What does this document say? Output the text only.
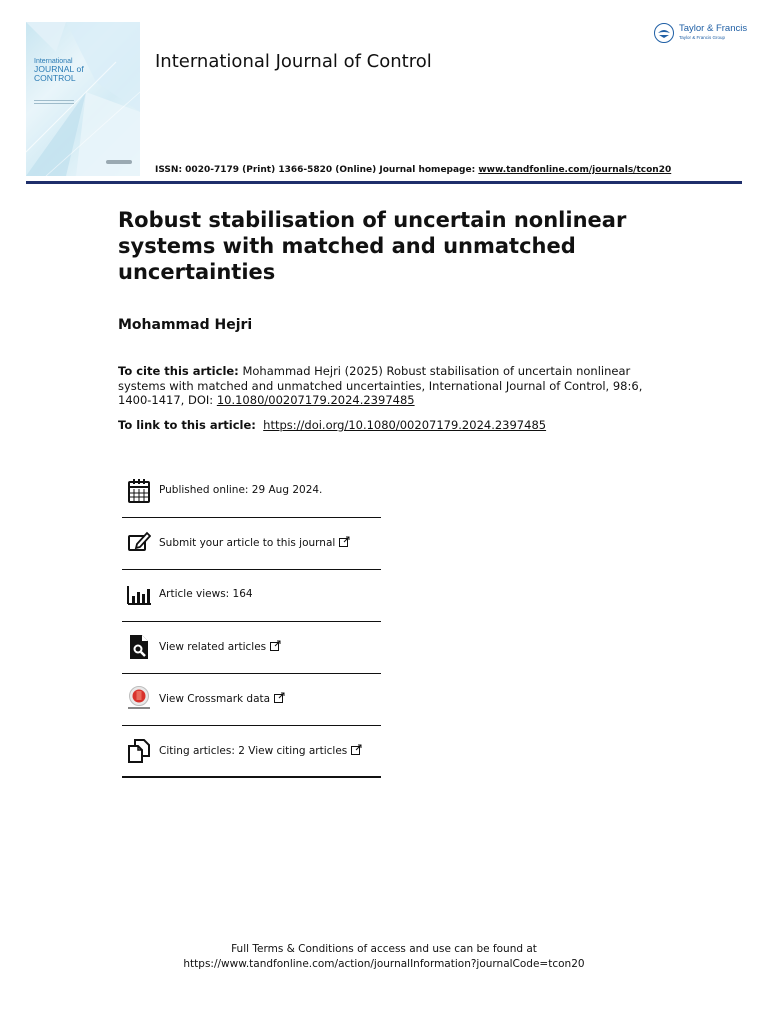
International
JOURNAL of
CONTROL
International Journal of Control
Taylor & Francis
Taylor & Francis Group
ISSN: 0020-7179 (Print) 1366-5820 (Online) Journal homepage: www.tandfonline.com/journals/tcon20
Robust stabilisation of uncertain nonlinear systems with matched and unmatched uncertainties
Mohammad Hejri
To cite this article: Mohammad Hejri (2025) Robust stabilisation of uncertain nonlinear systems with matched and unmatched uncertainties, International Journal of Control, 98:6, 1400-1417, DOI: 10.1080/00207179.2024.2397485
To link to this article: https://doi.org/10.1080/00207179.2024.2397485
Published online: 29 Aug 2024.
Submit your article to this journal
Article views: 164
View related articles
View Crossmark data
Citing articles: 2 View citing articles
Full Terms & Conditions of access and use can be found at
https://www.tandfonline.com/action/journalInformation?journalCode=tcon20
